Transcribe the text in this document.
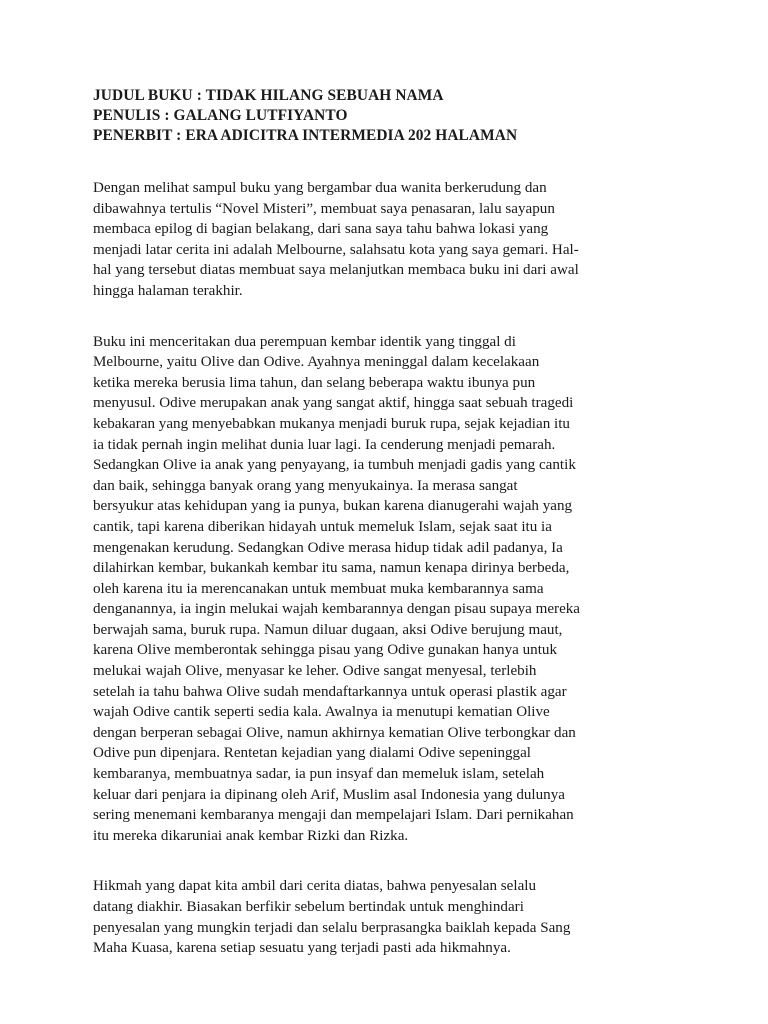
JUDUL BUKU : TIDAK HILANG SEBUAH NAMA
PENULIS : GALANG LUTFIYANTO
PENERBIT : ERA ADICITRA INTERMEDIA 202 HALAMAN

Dengan melihat sampul buku yang bergambar dua wanita berkerudung dan
dibawahnya tertulis “Novel Misteri”, membuat saya penasaran, lalu sayapun
membaca epilog di bagian belakang, dari sana saya tahu bahwa lokasi yang
menjadi latar cerita ini adalah Melbourne, salahsatu kota yang saya gemari. Hal-
hal yang tersebut diatas membuat saya melanjutkan membaca buku ini dari awal
hingga halaman terakhir.

Buku ini menceritakan dua perempuan kembar identik yang tinggal di
Melbourne, yaitu Olive dan Odive. Ayahnya meninggal dalam kecelakaan
ketika mereka berusia lima tahun, dan selang beberapa waktu ibunya pun
menyusul. Odive merupakan anak yang sangat aktif, hingga saat sebuah tragedi
kebakaran yang menyebabkan mukanya menjadi buruk rupa, sejak kejadian itu
ia tidak pernah ingin melihat dunia luar lagi. Ia cenderung menjadi pemarah.
Sedangkan Olive ia anak yang penyayang, ia tumbuh menjadi gadis yang cantik
dan baik, sehingga banyak orang yang menyukainya. Ia merasa sangat
bersyukur atas kehidupan yang ia punya, bukan karena dianugerahi wajah yang
cantik, tapi karena diberikan hidayah untuk memeluk Islam, sejak saat itu ia
mengenakan kerudung. Sedangkan Odive merasa hidup tidak adil padanya, Ia
dilahirkan kembar, bukankah kembar itu sama, namun kenapa dirinya berbeda,
oleh karena itu ia merencanakan untuk membuat muka kembarannya sama
denganannya, ia ingin melukai wajah kembarannya dengan pisau supaya mereka
berwajah sama, buruk rupa. Namun diluar dugaan, aksi Odive berujung maut,
karena Olive memberontak sehingga pisau yang Odive gunakan hanya untuk
melukai wajah Olive, menyasar ke leher. Odive sangat menyesal, terlebih
setelah ia tahu bahwa Olive sudah mendaftarkannya untuk operasi plastik agar
wajah Odive cantik seperti sedia kala. Awalnya ia menutupi kematian Olive
dengan berperan sebagai Olive, namun akhirnya kematian Olive terbongkar dan
Odive pun dipenjara. Rentetan kejadian yang dialami Odive sepeninggal
kembaranya, membuatnya sadar, ia pun insyaf dan memeluk islam, setelah
keluar dari penjara ia dipinang oleh Arif, Muslim asal Indonesia yang dulunya
sering menemani kembaranya mengaji dan mempelajari Islam. Dari pernikahan
itu mereka dikaruniai anak kembar Rizki dan Rizka.

Hikmah yang dapat kita ambil dari cerita diatas, bahwa penyesalan selalu
datang diakhir. Biasakan berfikir sebelum bertindak untuk menghindari
penyesalan yang mungkin terjadi dan selalu berprasangka baiklah kepada Sang
Maha Kuasa, karena setiap sesuatu yang terjadi pasti ada hikmahnya.
